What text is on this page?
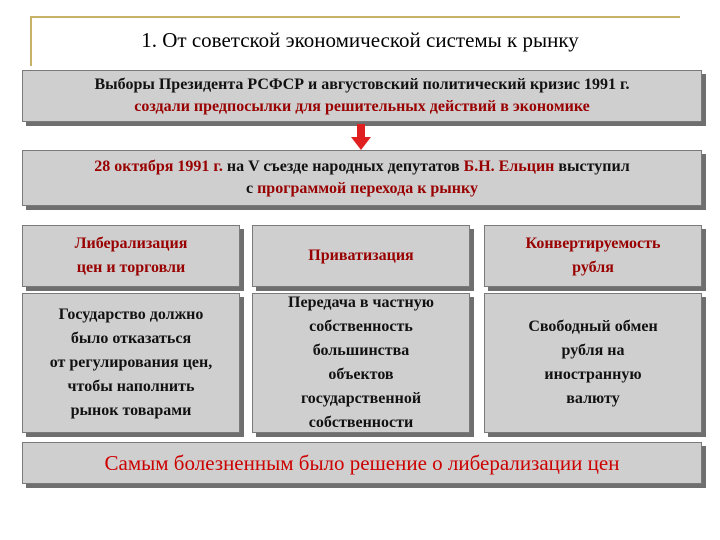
1. От советской экономической системы к рынку
Выборы Президента РСФСР и августовский политический кризис 1991 г.
создали предпосылки для решительных действий в экономике
28 октября 1991 г. на V съезде народных депутатов Б.Н. Ельцин выступил
с программой перехода к рынку
Либерализация
цен и торговли
Приватизация
Конвертируемость
рубля
Государство должно
было отказаться
от регулирования цен,
чтобы наполнить
рынок товарами
Передача в частную
собственность
большинства
объектов
государственной
собственности
Свободный обмен
рубля на
иностранную
валюту
Самым болезненным было решение о либерализации цен
